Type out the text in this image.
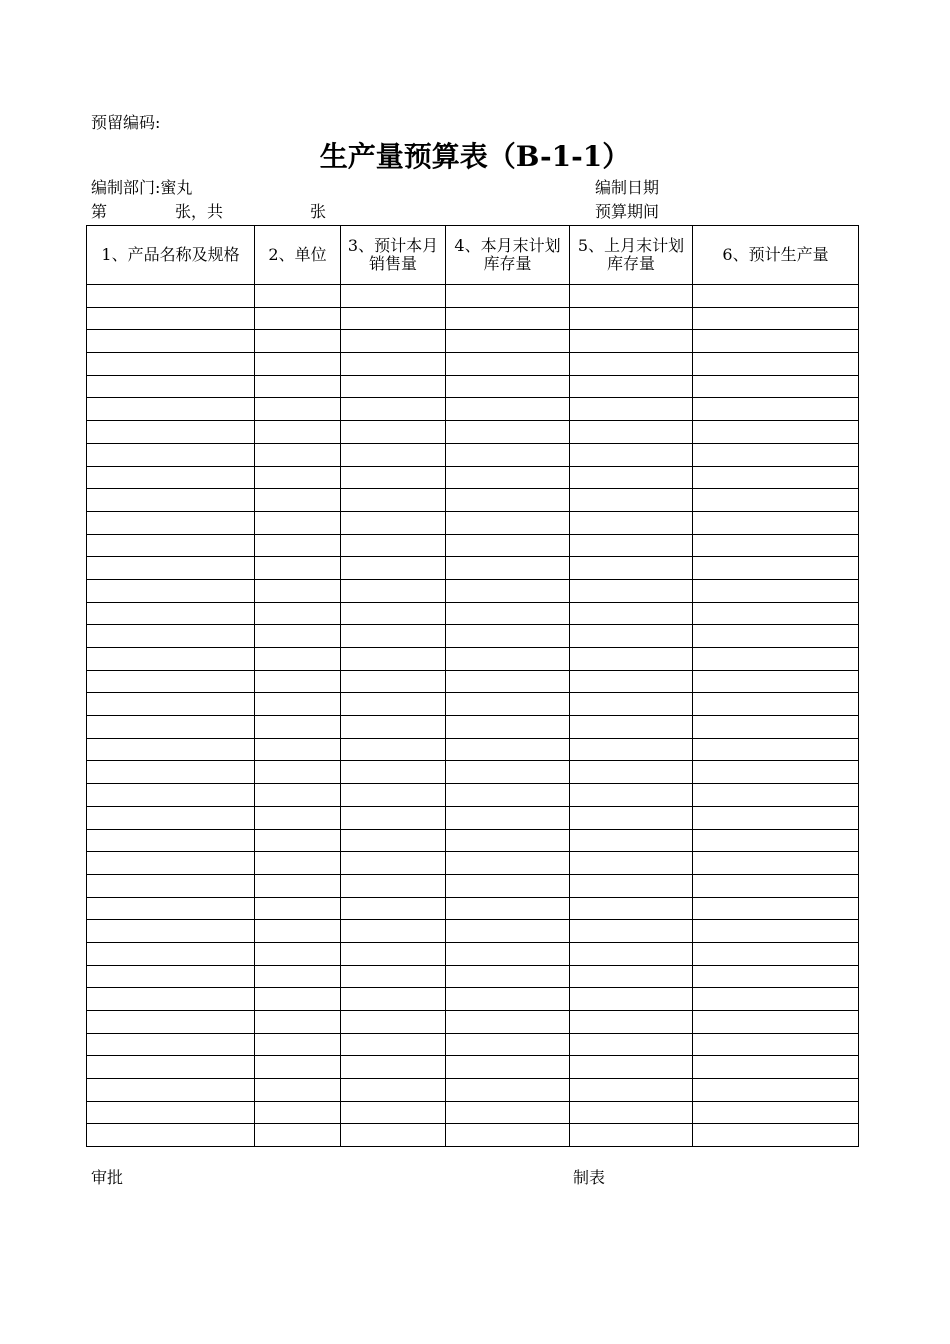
预留编码:
生产量预算表（B-1-1）
编制部门:蜜丸	编制日期
第	张，共	张	预算期间
1、产品名称及规格	2、单位	3、预计本月销售量	4、本月末计划库存量	5、上月末计划库存量	6、预计生产量

审批	制表
